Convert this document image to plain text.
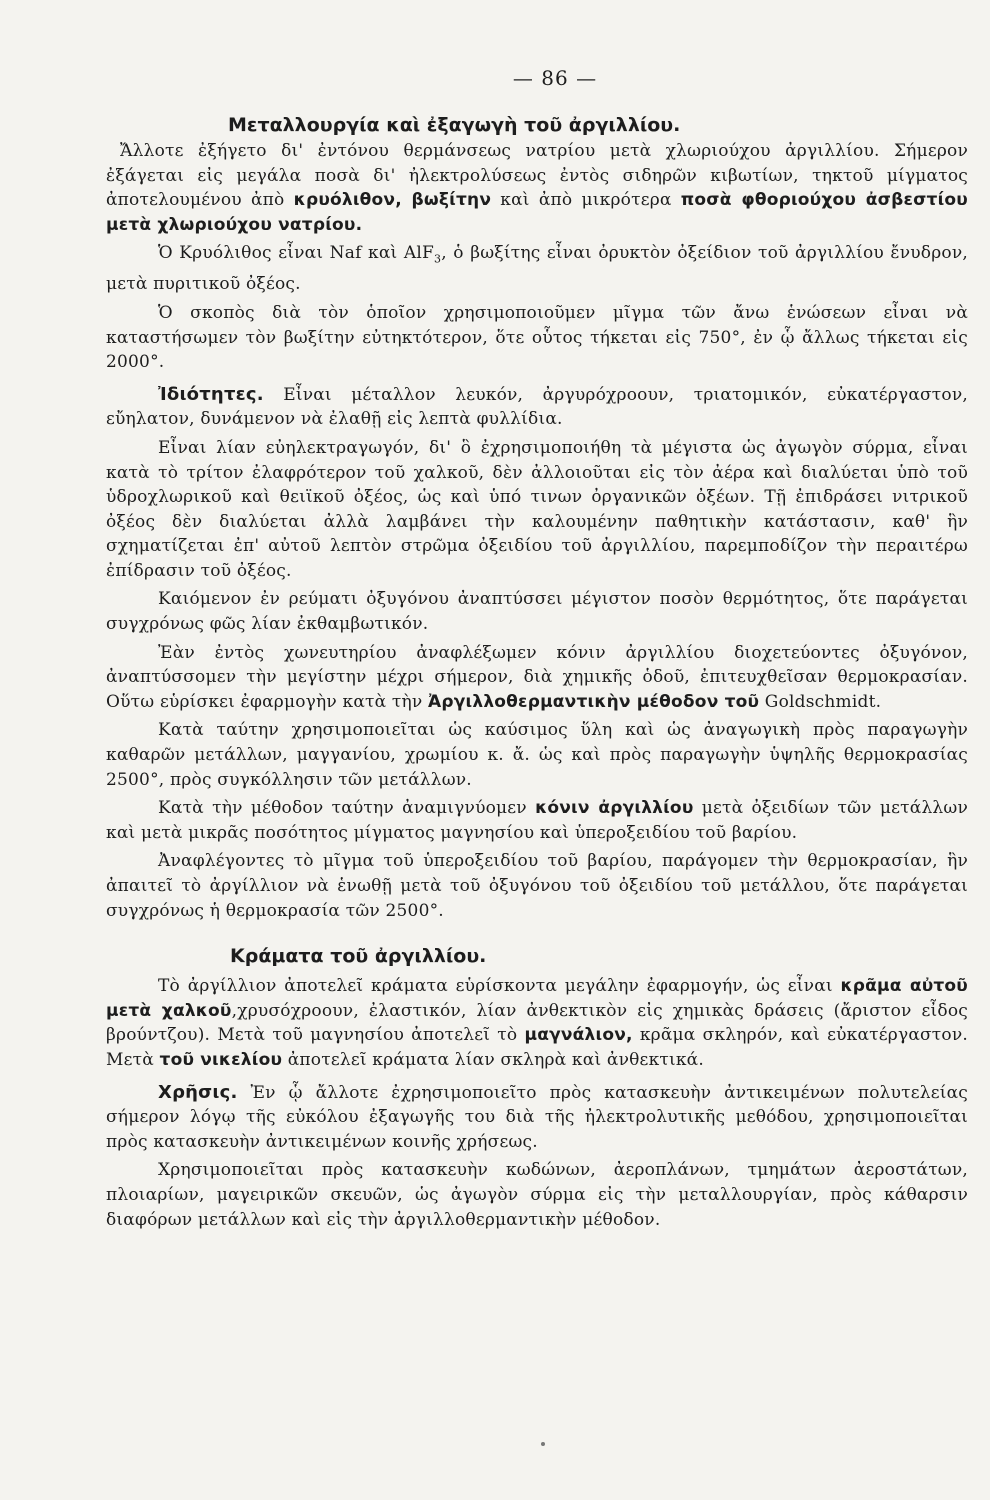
— 86 —
Μεταλλουργία καὶ ἐξαγωγὴ τοῦ ἀργιλλίου.

Ἄλλοτε ἐξήγετο δι' ἐντόνου θερμάνσεως νατρίου μετὰ χλωριούχου ἀργιλλίου. Σήμερον ἐξάγεται εἰς μεγάλα ποσὰ δι' ἠλεκτρολύσεως ἐντὸς σιδηρῶν κιβωτίων, τηκτοῦ μίγματος ἀποτελουμένου ἀπὸ κρυόλιθον, βωξίτην καὶ ἀπὸ μικρότερα ποσὰ φθοριούχου ἀσβεστίου μετὰ χλωριούχου νατρίου.

Ὁ Κρυόλιθος εἶναι Naf καὶ AlF$_3$, ὁ βωξίτης εἶναι ὀρυκτὸν ὀξείδιον τοῦ ἀργιλλίου ἔνυδρον, μετὰ πυριτικοῦ ὀξέος.

Ὁ σκοπὸς διὰ τὸν ὁποῖον χρησιμοποιοῦμεν μῖγμα τῶν ἄνω ἑνώσεων εἶναι νὰ καταστήσωμεν τὸν βωξίτην εὐτηκτότερον, ὅτε οὗτος τήκεται εἰς 750°, ἐν ᾧ ἄλλως τήκεται εἰς 2000°.

Ἰδιότητες. Εἶναι μέταλλον λευκόν, ἀργυρόχροουν, τριατομικόν, εὐκατέργαστον, εὔηλατον, δυνάμενον νὰ ἐλαθῇ εἰς λεπτὰ φυλλίδια.

Εἶναι λίαν εὐηλεκτραγωγόν, δι' ὃ ἐχρησιμοποιήθη τὰ μέγιστα ὡς ἀγωγὸν σύρμα, εἶναι κατὰ τὸ τρίτον ἐλαφρότερον τοῦ χαλκοῦ, δὲν ἀλλοιοῦται εἰς τὸν ἀέρα καὶ διαλύεται ὑπὸ τοῦ ὑδροχλωρικοῦ καὶ θειϊκοῦ ὀξέος, ὡς καὶ ὑπό τινων ὀργανικῶν ὀξέων. Τῇ ἐπιδράσει νιτρικοῦ ὀξέος δὲν διαλύεται ἀλλὰ λαμβάνει τὴν καλουμένην παθητικὴν κατάστασιν, καθ' ἣν σχηματίζεται ἐπ' αὐτοῦ λεπτὸν στρῶμα ὀξειδίου τοῦ ἀργιλλίου, παρεμποδίζον τὴν περαιτέρω ἐπίδρασιν τοῦ ὀξέος.

Καιόμενον ἐν ρεύματι ὀξυγόνου ἀναπτύσσει μέγιστον ποσὸν θερμότητος, ὅτε παράγεται συγχρόνως φῶς λίαν ἐκθαμβωτικόν.

Ἐὰν ἐντὸς χωνευτηρίου ἀναφλέξωμεν κόνιν ἀργιλλίου διοχετεύοντες ὀξυγόνον, ἀναπτύσσομεν τὴν μεγίστην μέχρι σήμερον, διὰ χημικῆς ὁδοῦ, ἐπιτευχθεῖσαν θερμοκρασίαν. Οὕτω εὑρίσκει ἐφαρμογὴν κατὰ τὴν Ἀργιλλοθερμαντικὴν μέθοδον τοῦ Goldschmidt.

Κατὰ ταύτην χρησιμοποιεῖται ὡς καύσιμος ὕλη καὶ ὡς ἀναγωγικὴ πρὸς παραγωγὴν καθαρῶν μετάλλων, μαγγανίου, χρωμίου κ. ἄ. ὡς καὶ πρὸς παραγωγὴν ὑψηλῆς θερμοκρασίας 2500°, πρὸς συγκόλλησιν τῶν μετάλλων.

Κατὰ τὴν μέθοδον ταύτην ἀναμιγνύομεν κόνιν ἀργιλλίου μετὰ ὀξειδίων τῶν μετάλλων καὶ μετὰ μικρᾶς ποσότητος μίγματος μαγνησίου καὶ ὑπεροξειδίου τοῦ βαρίου.

Ἀναφλέγοντες τὸ μῖγμα τοῦ ὑπεροξειδίου τοῦ βαρίου, παράγομεν τὴν θερμοκρασίαν, ἣν ἀπαιτεῖ τὸ ἀργίλλιον νὰ ἑνωθῇ μετὰ τοῦ ὀξυγόνου τοῦ ὀξειδίου τοῦ μετάλλου, ὅτε παράγεται συγχρόνως ἡ θερμοκρασία τῶν 2500°.

Κράματα τοῦ ἀργιλλίου.

Τὸ ἀργίλλιον ἀποτελεῖ κράματα εὑρίσκοντα μεγάλην ἐφαρμογήν, ὡς εἶναι κρᾶμα αὐτοῦ μετὰ χαλκοῦ,χρυσόχροουν, ἐλαστικόν, λίαν ἀνθεκτικὸν εἰς χημικὰς δράσεις (ἄριστον εἶδος βρούντζου). Μετὰ τοῦ μαγνησίου ἀποτελεῖ τὸ μαγνάλιον, κρᾶμα σκληρόν, καὶ εὐκατέργαστον. Μετὰ τοῦ νικελίου ἀποτελεῖ κράματα λίαν σκληρὰ καὶ ἀνθεκτικά.

Χρῆσις. Ἐν ᾧ ἄλλοτε ἐχρησιμοποιεῖτο πρὸς κατασκευὴν ἀντικειμένων πολυτελείας σήμερον λόγῳ τῆς εὐκόλου ἐξαγωγῆς του διὰ τῆς ἠλεκτρολυτικῆς μεθόδου, χρησιμοποιεῖται πρὸς κατασκευὴν ἀντικειμένων κοινῆς χρήσεως.

Χρησιμοποιεῖται πρὸς κατασκευὴν κωδώνων, ἀεροπλάνων, τμημάτων ἀεροστάτων, πλοιαρίων, μαγειρικῶν σκευῶν, ὡς ἀγωγὸν σύρμα εἰς τὴν μεταλλουργίαν, πρὸς κάθαρσιν διαφόρων μετάλλων καὶ εἰς τὴν ἀργιλλοθερμαντικὴν μέθοδον.
